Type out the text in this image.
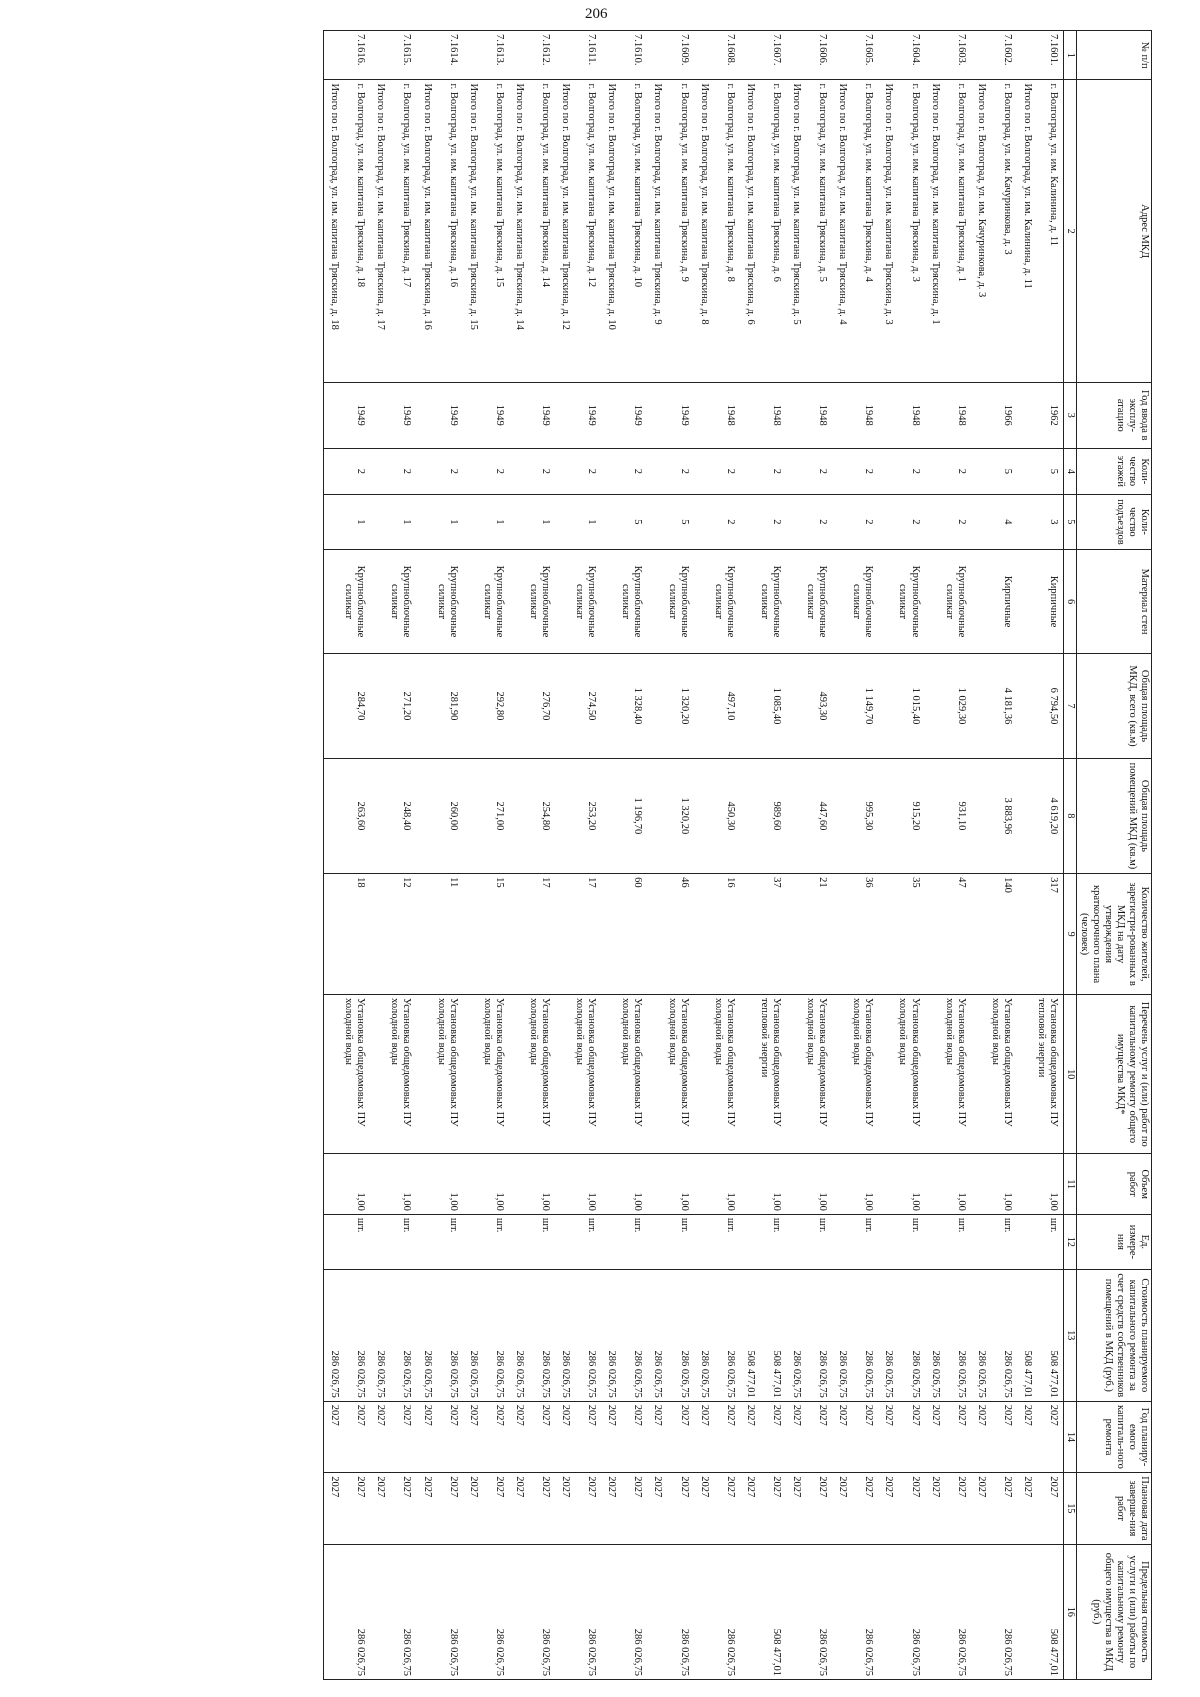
206
№ п/п	Адрес МКД	Год ввода в эксплу-атацию	Коли-чество этажей	Коли-чество подъездов	Материал стен	Общая площадь МКД, всего (кв.м)	Общая площадь помещений МКД (кв.м)	Количество жителей, зарегистри-рованных в МКД на дату утверждения краткосрочного плана (человек)	Перечень услуг и (или) работ по капитальному ремонту общего имущества МКД*	Объем работ	Ед. измере-ния	Стоимость планируемого капитального ремонта за счет средств собственников помещений в МКД (руб.)	Год планиру-емого капиталь-ного ремонта	Плановая дата заверше-ния работ	Предельная стоимость услуги и (или) работы по капитальному ремонту общего имущества в МКД (руб.)
1	2	3	4	5	6	7	8	9	10	11	12	13	14	15	16
7.1601.	г. Волгоград, ул. им. Калинина, д. 11	1962	5	3	Кирпичные	6 794,50	4 619,20	317	Установка общедомовых ПУ тепловой энергии	1,00	шт.	508 477,01	2027	2027	508 477,01
	Итого по г. Волгоград, ул. им. Калинина, д. 11											508 477,01	2027	2027	
7.1602.	г. Волгоград, ул. им. Качуринкова, д. 3	1966	5	4	Кирпичные	4 181,36	3 883,96	140	Установка общедомовых ПУ холодной воды	1,00	шт.	286 026,75	2027	2027	286 026,75
	Итого по г. Волгоград, ул. им. Качуринкова, д. 3											286 026,75	2027	2027	
7.1603.	г. Волгоград, ул. им. капитана Тряскина, д. 1	1948	2	2	Крупноблочные силикат	1 029,30	931,10	47	Установка общедомовых ПУ холодной воды	1,00	шт.	286 026,75	2027	2027	286 026,75
	Итого по г. Волгоград, ул. им. капитана Тряскина, д. 1											286 026,75	2027	2027	
7.1604.	г. Волгоград, ул. им. капитана Тряскина, д. 3	1948	2	2	Крупноблочные силикат	1 015,40	915,20	35	Установка общедомовых ПУ холодной воды	1,00	шт.	286 026,75	2027	2027	286 026,75
	Итого по г. Волгоград, ул. им. капитана Тряскина, д. 3											286 026,75	2027	2027	
7.1605.	г. Волгоград, ул. им. капитана Тряскина, д. 4	1948	2	2	Крупноблочные силикат	1 149,70	995,30	36	Установка общедомовых ПУ холодной воды	1,00	шт.	286 026,75	2027	2027	286 026,75
	Итого по г. Волгоград, ул. им. капитана Тряскина, д. 4											286 026,75	2027	2027	
7.1606.	г. Волгоград, ул. им. капитана Тряскина, д. 5	1948	2	2	Крупноблочные силикат	493,30	447,60	21	Установка общедомовых ПУ холодной воды	1,00	шт.	286 026,75	2027	2027	286 026,75
	Итого по г. Волгоград, ул. им. капитана Тряскина, д. 5											286 026,75	2027	2027	
7.1607.	г. Волгоград, ул. им. капитана Тряскина, д. 6	1948	2	2	Крупноблочные силикат	1 085,40	989,60	37	Установка общедомовых ПУ тепловой энергии	1,00	шт.	508 477,01	2027	2027	508 477,01
	Итого по г. Волгоград, ул. им. капитана Тряскина, д. 6											508 477,01	2027	2027	
7.1608.	г. Волгоград, ул. им. капитана Тряскина, д. 8	1948	2	2	Крупноблочные силикат	497,10	450,30	16	Установка общедомовых ПУ холодной воды	1,00	шт.	286 026,75	2027	2027	286 026,75
	Итого по г. Волгоград, ул. им. капитана Тряскина, д. 8											286 026,75	2027	2027	
7.1609.	г. Волгоград, ул. им. капитана Тряскина, д. 9	1949	2	5	Крупноблочные силикат	1 320,20	1 320,20	46	Установка общедомовых ПУ холодной воды	1,00	шт.	286 026,75	2027	2027	286 026,75
	Итого по г. Волгоград, ул. им. капитана Тряскина, д. 9											286 026,75	2027	2027	
7.1610.	г. Волгоград, ул. им. капитана Тряскина, д. 10	1949	2	5	Крупноблочные силикат	1 328,40	1 196,70	60	Установка общедомовых ПУ холодной воды	1,00	шт.	286 026,75	2027	2027	286 026,75
	Итого по г. Волгоград, ул. им. капитана Тряскина, д. 10											286 026,75	2027	2027	
7.1611.	г. Волгоград, ул. им. капитана Тряскина, д. 12	1949	2	1	Крупноблочные силикат	274,50	253,20	17	Установка общедомовых ПУ холодной воды	1,00	шт.	286 026,75	2027	2027	286 026,75
	Итого по г. Волгоград, ул. им. капитана Тряскина, д. 12											286 026,75	2027	2027	
7.1612.	г. Волгоград, ул. им. капитана Тряскина, д. 14	1949	2	1	Крупноблочные силикат	276,70	254,80	17	Установка общедомовых ПУ холодной воды	1,00	шт.	286 026,75	2027	2027	286 026,75
	Итого по г. Волгоград, ул. им. капитана Тряскина, д. 14											286 026,75	2027	2027	
7.1613.	г. Волгоград, ул. им. капитана Тряскина, д. 15	1949	2	1	Крупноблочные силикат	292,80	271,00	15	Установка общедомовых ПУ холодной воды	1,00	шт.	286 026,75	2027	2027	286 026,75
	Итого по г. Волгоград, ул. им. капитана Тряскина, д. 15											286 026,75	2027	2027	
7.1614.	г. Волгоград, ул. им. капитана Тряскина, д. 16	1949	2	1	Крупноблочные силикат	281,90	260,00	11	Установка общедомовых ПУ холодной воды	1,00	шт.	286 026,75	2027	2027	286 026,75
	Итого по г. Волгоград, ул. им. капитана Тряскина, д. 16											286 026,75	2027	2027	
7.1615.	г. Волгоград, ул. им. капитана Тряскина, д. 17	1949	2	1	Крупноблочные силикат	271,20	248,40	12	Установка общедомовых ПУ холодной воды	1,00	шт.	286 026,75	2027	2027	286 026,75
	Итого по г. Волгоград, ул. им. капитана Тряскина, д. 17											286 026,75	2027	2027	
7.1616.	г. Волгоград, ул. им. капитана Тряскина, д. 18	1949	2	1	Крупноблочные силикат	284,70	263,60	18	Установка общедомовых ПУ холодной воды	1,00	шт.	286 026,75	2027	2027	286 026,75
	Итого по г. Волгоград, ул. им. капитана Тряскина, д. 18											286 026,75	2027	2027	
